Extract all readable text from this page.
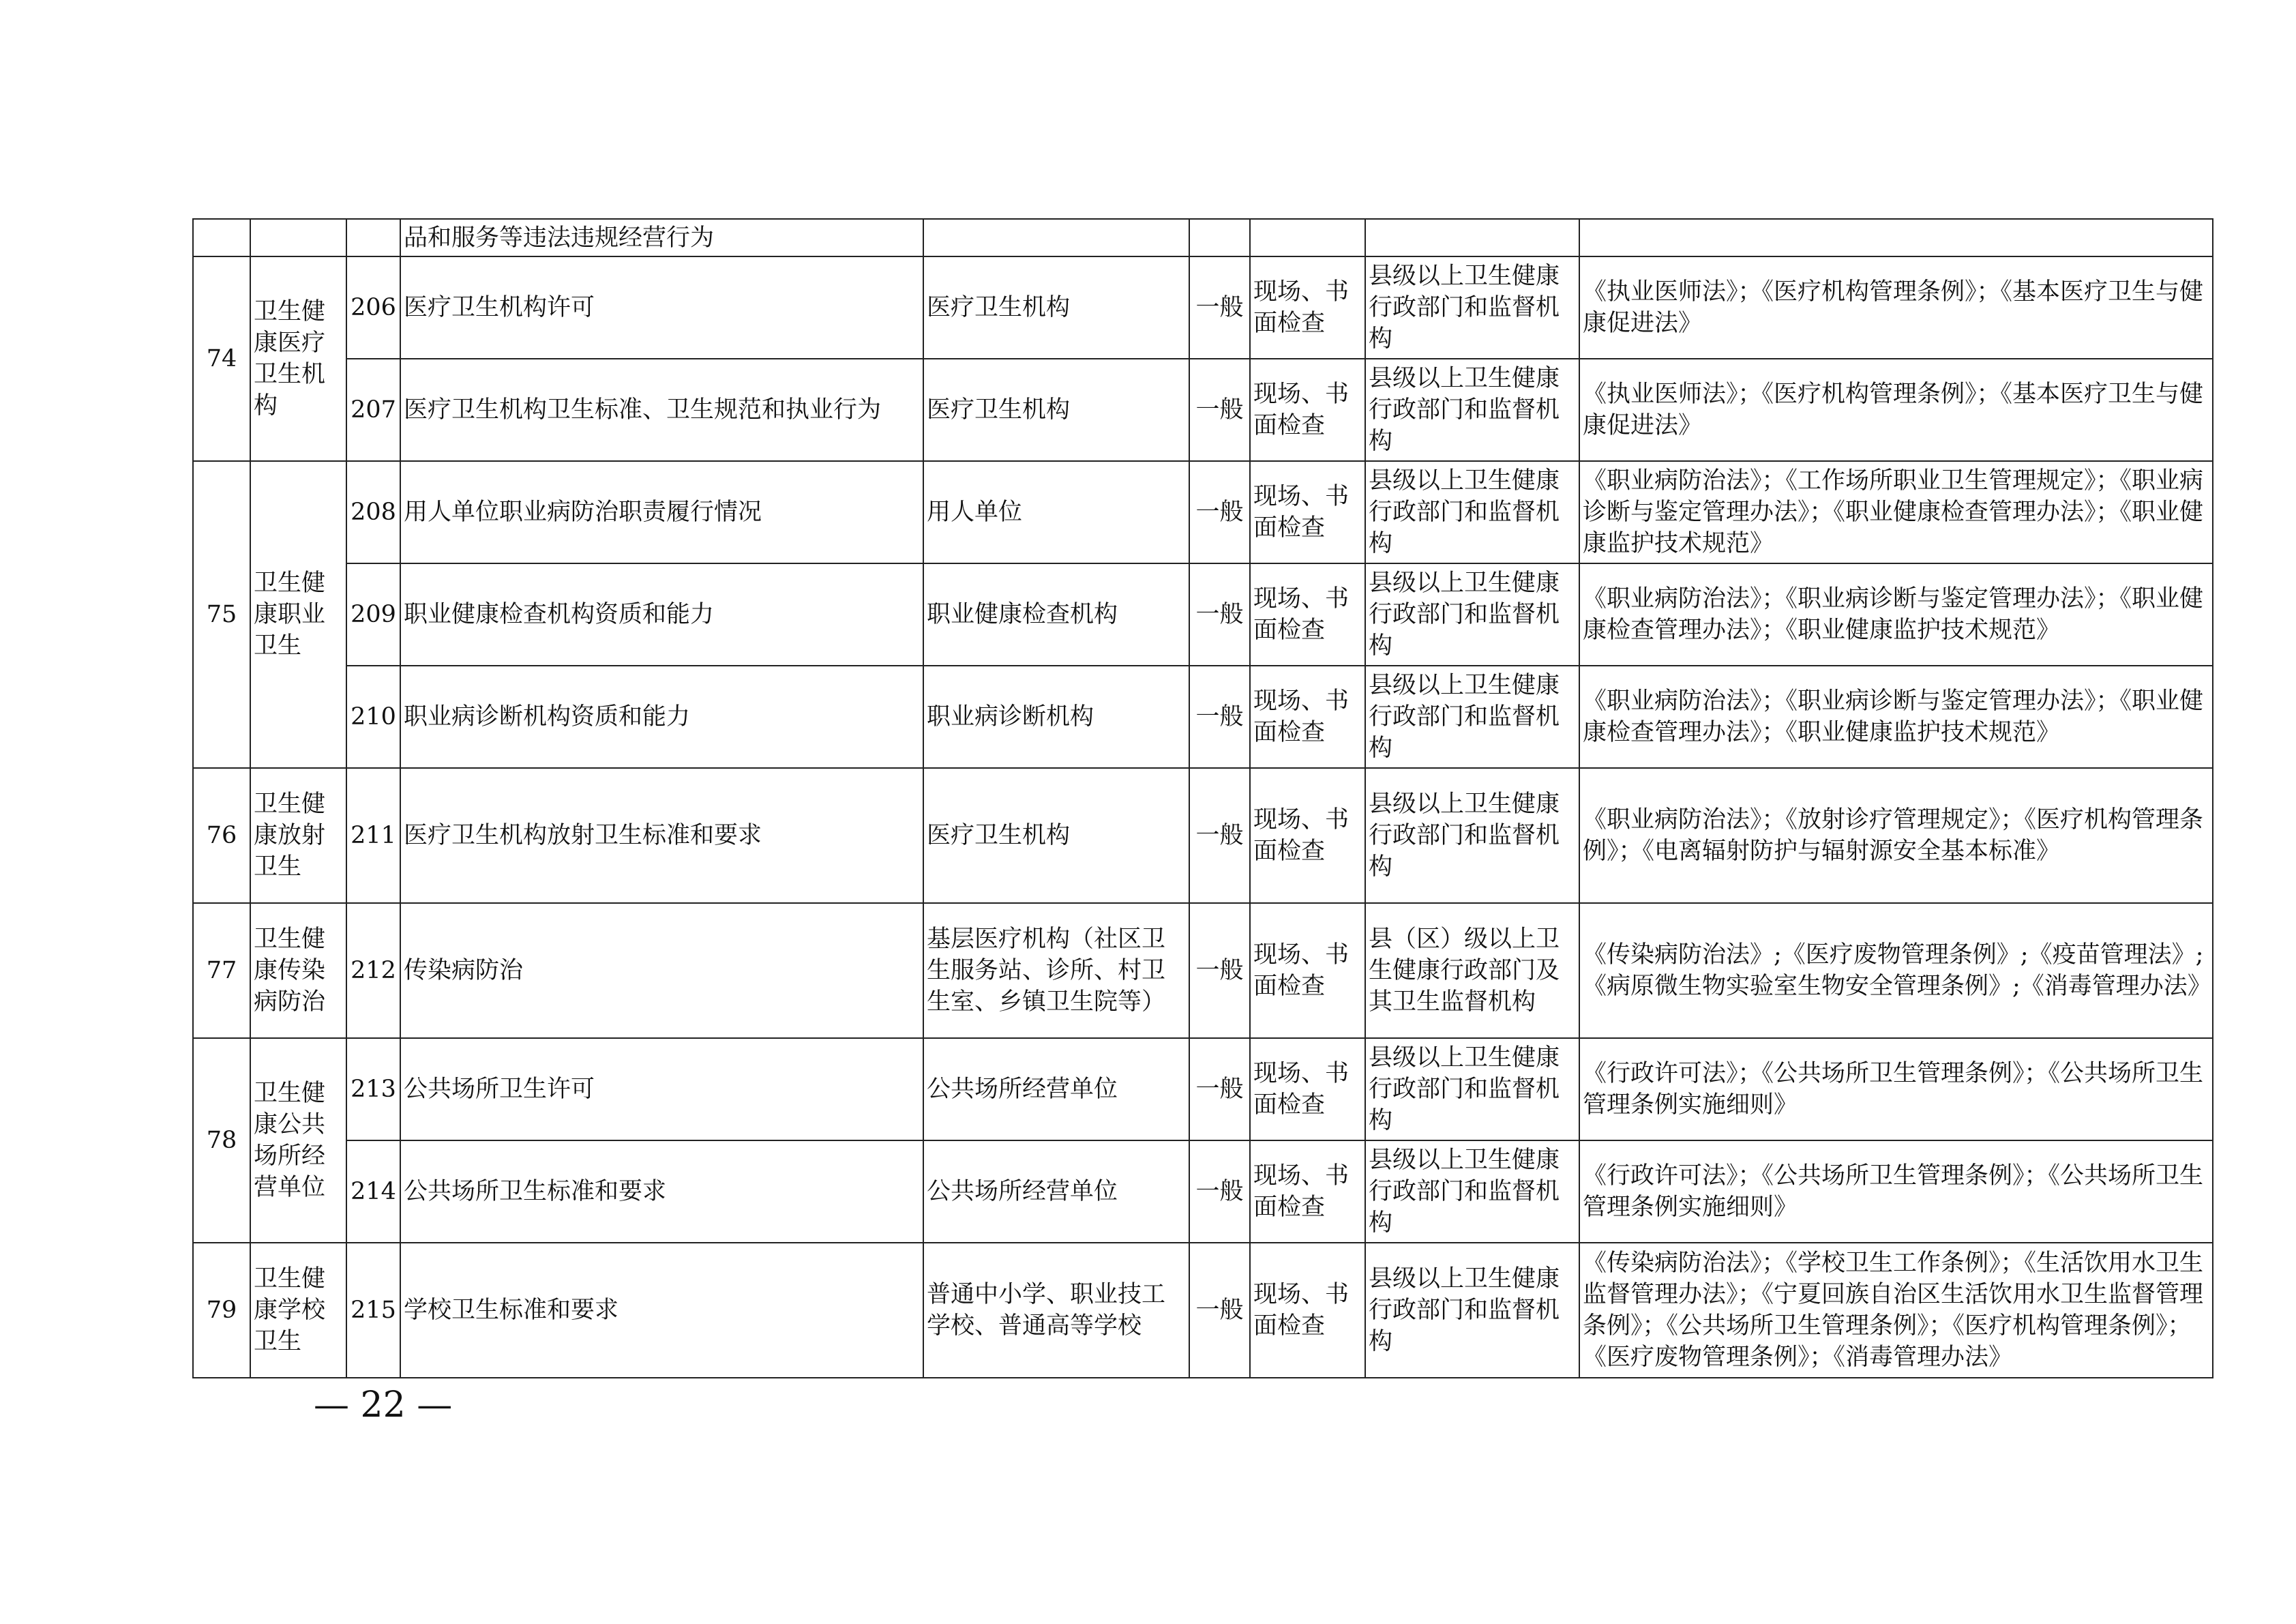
			品和服务等违法违规经营行为					
74	卫生健康医疗卫生机构	206	医疗卫生机构许可	医疗卫生机构	一般	现场、书面检查	县级以上卫生健康行政部门和监督机构	《执业医师法》；《医疗机构管理条例》；《基本医疗卫生与健康促进法》
		207	医疗卫生机构卫生标准、卫生规范和执业行为	医疗卫生机构	一般	现场、书面检查	县级以上卫生健康行政部门和监督机构	《执业医师法》；《医疗机构管理条例》；《基本医疗卫生与健康促进法》
75	卫生健康职业卫生	208	用人单位职业病防治职责履行情况	用人单位	一般	现场、书面检查	县级以上卫生健康行政部门和监督机构	《职业病防治法》；《工作场所职业卫生管理规定》；《职业病诊断与鉴定管理办法》；《职业健康检查管理办法》；《职业健康监护技术规范》
		209	职业健康检查机构资质和能力	职业健康检查机构	一般	现场、书面检查	县级以上卫生健康行政部门和监督机构	《职业病防治法》；《职业病诊断与鉴定管理办法》；《职业健康检查管理办法》；《职业健康监护技术规范》
		210	职业病诊断机构资质和能力	职业病诊断机构	一般	现场、书面检查	县级以上卫生健康行政部门和监督机构	《职业病防治法》；《职业病诊断与鉴定管理办法》；《职业健康检查管理办法》；《职业健康监护技术规范》
76	卫生健康放射卫生	211	医疗卫生机构放射卫生标准和要求	医疗卫生机构	一般	现场、书面检查	县级以上卫生健康行政部门和监督机构	《职业病防治法》；《放射诊疗管理规定》；《医疗机构管理条例》；《电离辐射防护与辐射源安全基本标准》
77	卫生健康传染病防治	212	传染病防治	基层医疗机构（社区卫生服务站、诊所、村卫生室、乡镇卫生院等）	一般	现场、书面检查	县（区）级以上卫生健康行政部门及其卫生监督机构	《传染病防治法》;《医疗废物管理条例》;《疫苗管理法》;《病原微生物实验室生物安全管理条例》;《消毒管理办法》
78	卫生健康公共场所经营单位	213	公共场所卫生许可	公共场所经营单位	一般	现场、书面检查	县级以上卫生健康行政部门和监督机构	《行政许可法》；《公共场所卫生管理条例》；《公共场所卫生管理条例实施细则》
		214	公共场所卫生标准和要求	公共场所经营单位	一般	现场、书面检查	县级以上卫生健康行政部门和监督机构	《行政许可法》；《公共场所卫生管理条例》；《公共场所卫生管理条例实施细则》
79	卫生健康学校卫生	215	学校卫生标准和要求	普通中小学、职业技工学校、普通高等学校	一般	现场、书面检查	县级以上卫生健康行政部门和监督机构	《传染病防治法》；《学校卫生工作条例》；《生活饮用水卫生监督管理办法》；《宁夏回族自治区生活饮用水卫生监督管理条例》；《公共场所卫生管理条例》；《医疗机构管理条例》；《医疗废物管理条例》；《消毒管理办法》
— 22 —
